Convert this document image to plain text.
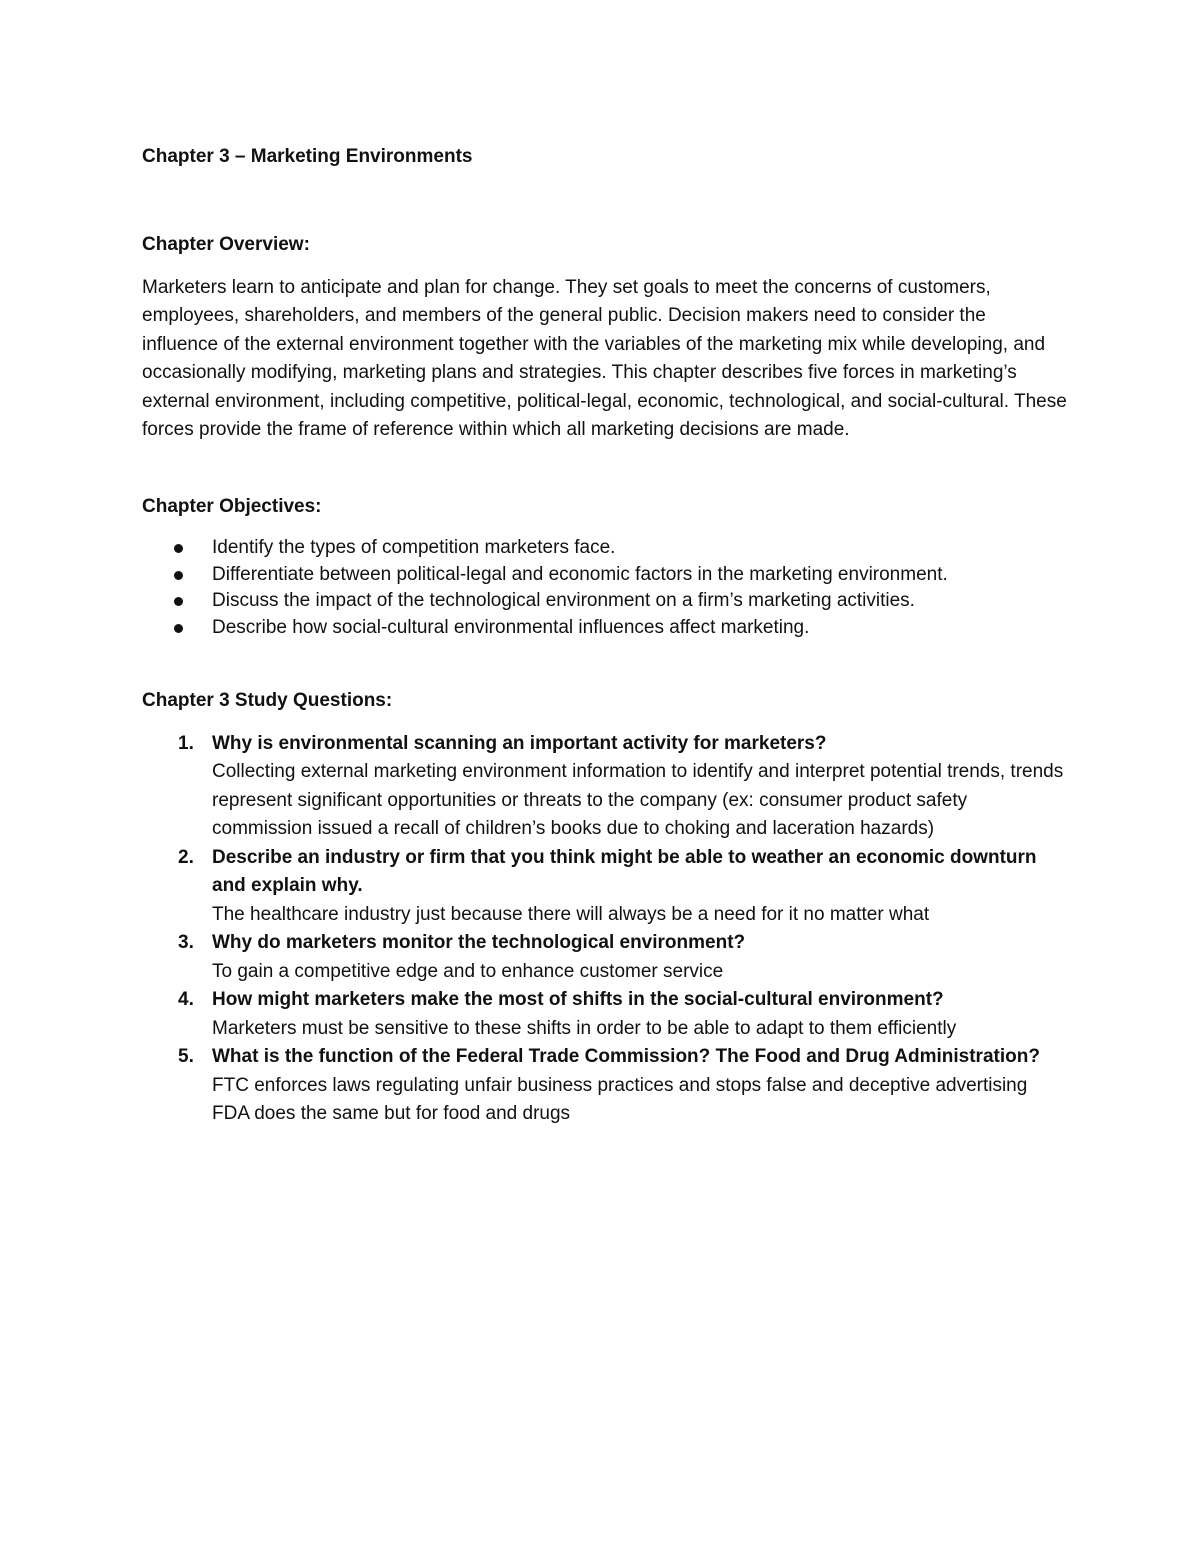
Chapter 3 – Marketing Environments
Chapter Overview:

Marketers learn to anticipate and plan for change. They set goals to meet the concerns of customers, employees, shareholders, and members of the general public. Decision makers need to consider the influence of the external environment together with the variables of the marketing mix while developing, and occasionally modifying, marketing plans and strategies. This chapter describes five forces in marketing’s external environment, including competitive, political-legal, economic, technological, and social-cultural. These forces provide the frame of reference within which all marketing decisions are made.

Chapter Objectives:
Identify the types of competition marketers face.
Differentiate between political-legal and economic factors in the marketing environment.
Discuss the impact of the technological environment on a firm’s marketing activities.
Describe how social-cultural environmental influences affect marketing.
Chapter 3 Study Questions:
1. Why is environmental scanning an important activity for marketers?
Collecting external marketing environment information to identify and interpret potential trends, trends represent significant opportunities or threats to the company (ex: consumer product safety commission issued a recall of children’s books due to choking and laceration hazards)
2. Describe an industry or firm that you think might be able to weather an economic downturn and explain why.
The healthcare industry just because there will always be a need for it no matter what
3. Why do marketers monitor the technological environment?
To gain a competitive edge and to enhance customer service
4. How might marketers make the most of shifts in the social-cultural environment?
Marketers must be sensitive to these shifts in order to be able to adapt to them efficiently
5. What is the function of the Federal Trade Commission? The Food and Drug Administration?
FTC enforces laws regulating unfair business practices and stops false and deceptive advertising FDA does the same but for food and drugs
